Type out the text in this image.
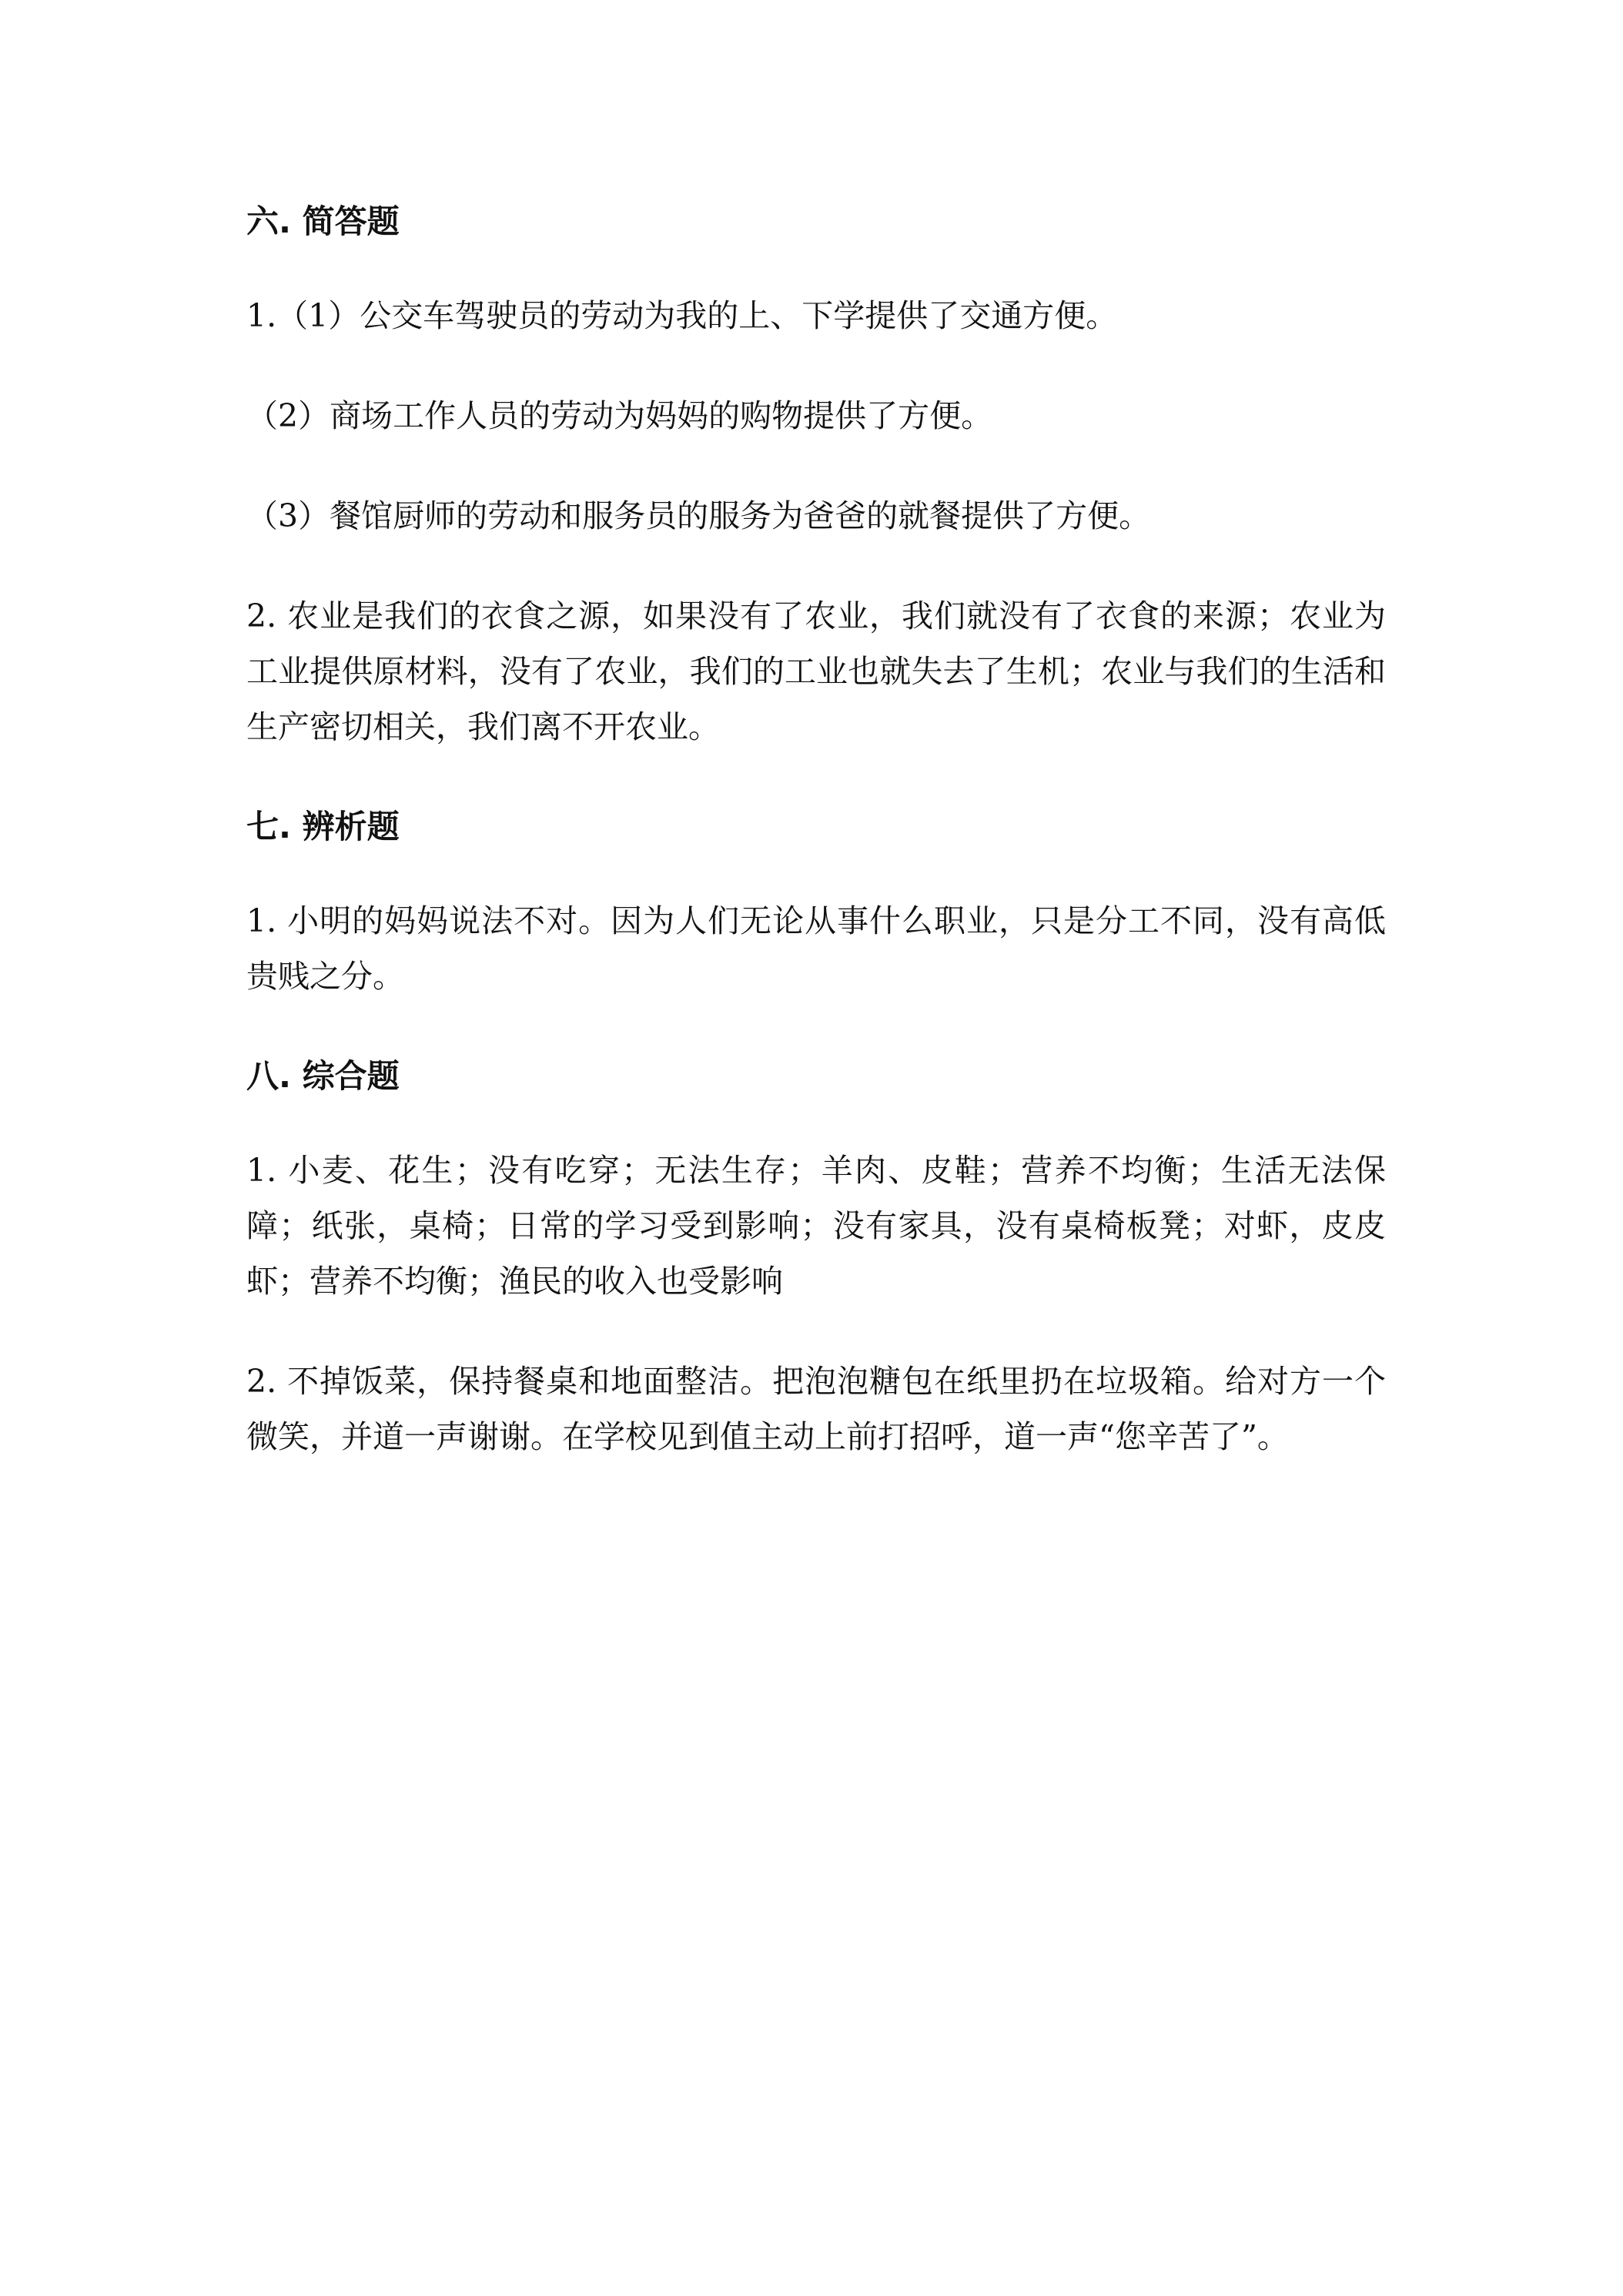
六. 简答题
1.（1）公交车驾驶员的劳动为我的上、下学提供了交通方便。
（2）商场工作人员的劳动为妈妈的购物提供了方便。
（3）餐馆厨师的劳动和服务员的服务为爸爸的就餐提供了方便。
2. 农业是我们的衣食之源，如果没有了农业，我们就没有了衣食的来源；农业为工业提供原材料，没有了农业，我们的工业也就失去了生机；农业与我们的生活和生产密切相关，我们离不开农业。
七. 辨析题
1. 小明的妈妈说法不对。因为人们无论从事什么职业，只是分工不同，没有高低贵贱之分。
八. 综合题
1. 小麦、花生；没有吃穿；无法生存；羊肉、皮鞋；营养不均衡；生活无法保障；纸张，桌椅；日常的学习受到影响；没有家具，没有桌椅板凳；对虾，皮皮虾；营养不均衡；渔民的收入也受影响
2. 不掉饭菜，保持餐桌和地面整洁。把泡泡糖包在纸里扔在垃圾箱。给对方一个微笑，并道一声谢谢。在学校见到值主动上前打招呼，道一声“您辛苦了”。
